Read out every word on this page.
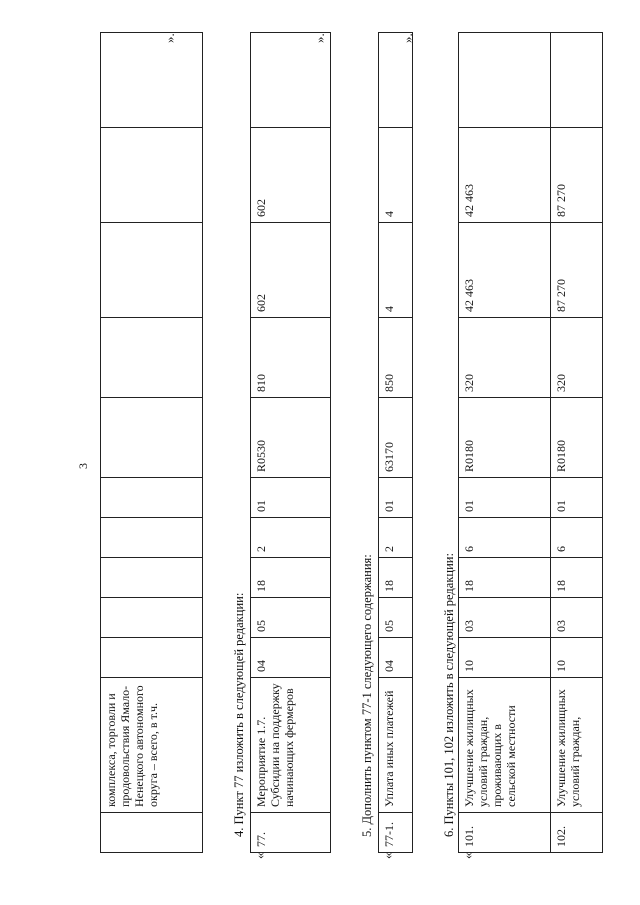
3
	комплекса, торговли и продовольствия Ямало-Ненецкого автономного округа – всего, в т.ч.										
».
4. Пункт 77 изложить в следующей редакции:
«
77.	Мероприятие 1.7. Субсидии на поддержку начинающих фермеров	04	05	18	2	01	R0530	810	602	602	
».
5. Дополнить пунктом 77-1 следующего содержания:
«
77-1.	Уплата иных платежей	04	05	18	2	01	63170	850	4	4	
».
6. Пункты 101, 102 изложить в следующей редакции:
«
101.	Улучшение жилищных условий граждан, проживающих в сельской местности	10	03	18	6	01	R0180	320	42 463	42 463	
102.	Улучшение жилищных условий граждан,	10	03	18	6	01	R0180	320	87 270	87 270	
